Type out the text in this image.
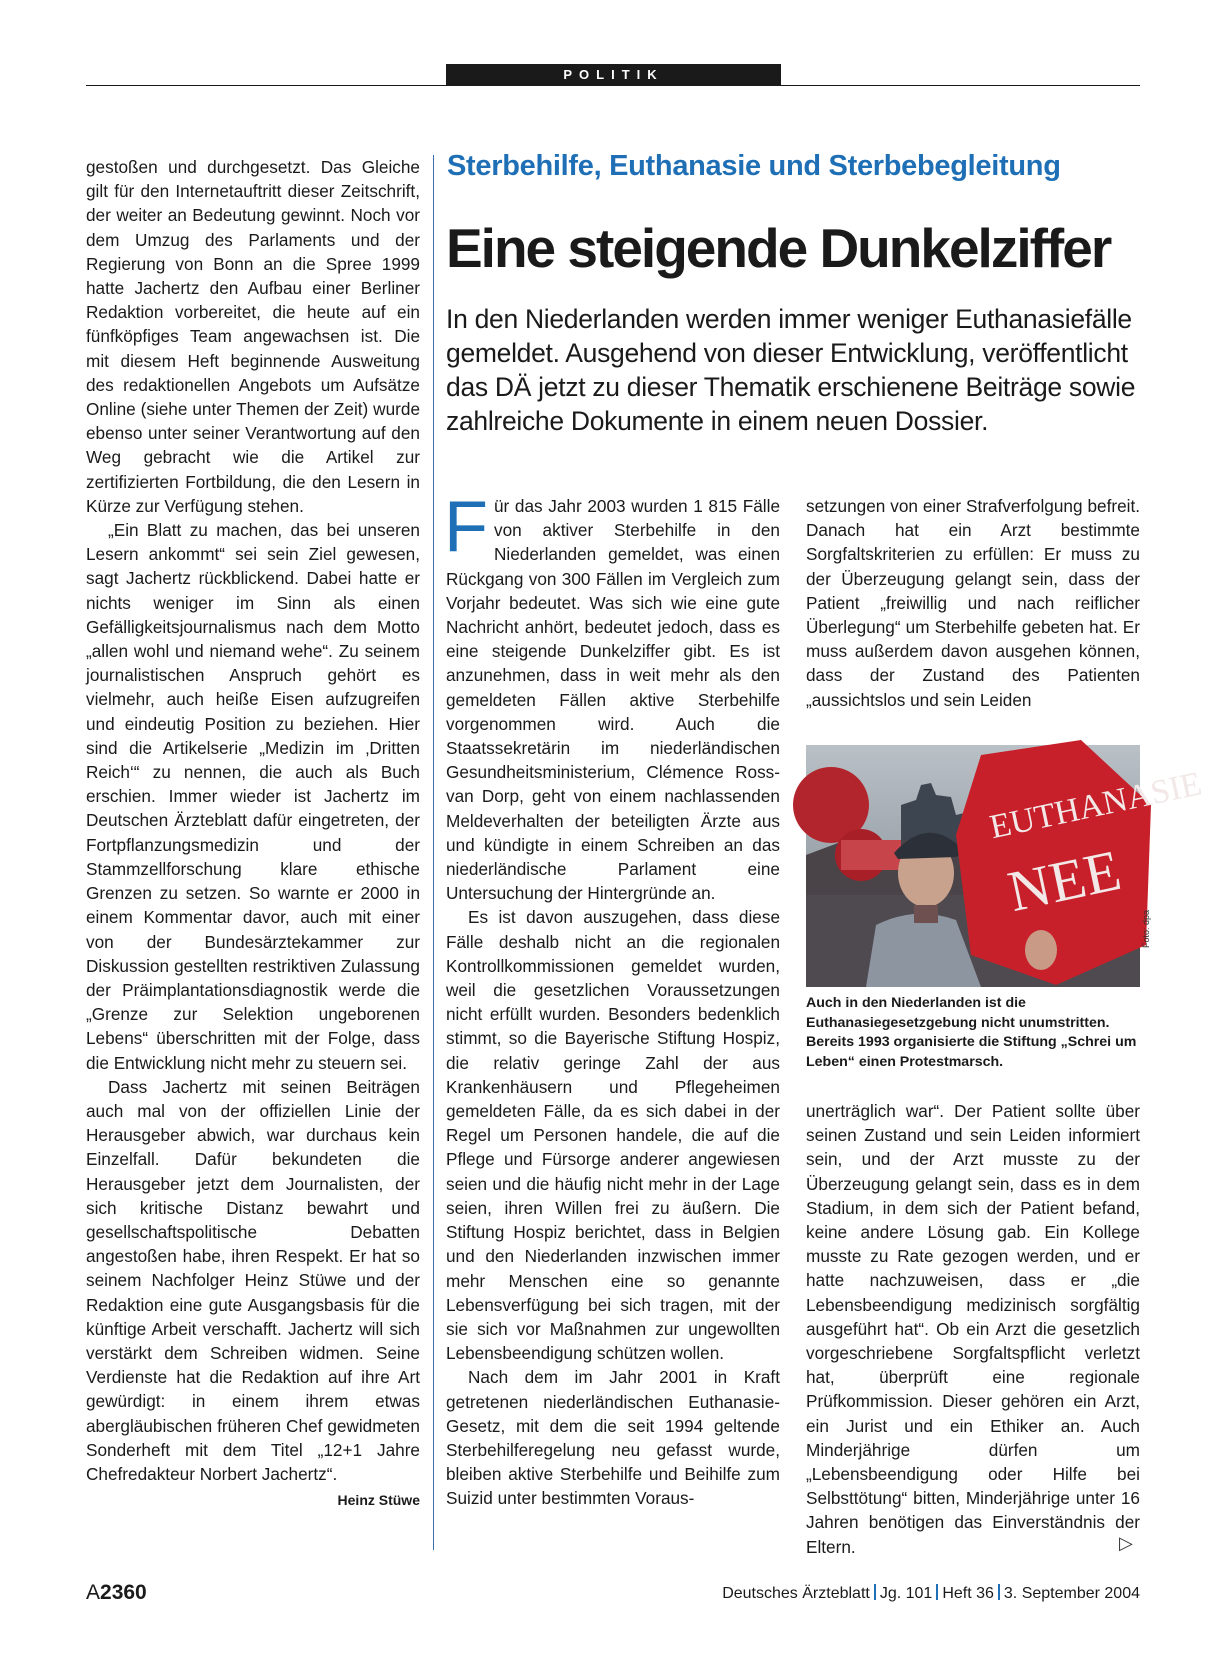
POLITIK

gestoßen und durchgesetzt. Das Gleiche gilt für den Internetauftritt dieser Zeitschrift, der weiter an Bedeutung gewinnt. Noch vor dem Umzug des Parlaments und der Regierung von Bonn an die Spree 1999 hatte Jachertz den Aufbau einer Berliner Redaktion vorbereitet, die heute auf ein fünfköpfiges Team angewachsen ist. Die mit diesem Heft beginnende Ausweitung des redaktionellen Angebots um Aufsätze Online (siehe unter Themen der Zeit) wurde ebenso unter seiner Verantwortung auf den Weg gebracht wie die Artikel zur zertifizierten Fortbildung, die den Lesern in Kürze zur Verfügung stehen.

„Ein Blatt zu machen, das bei unseren Lesern ankommt“ sei sein Ziel gewesen, sagt Jachertz rückblickend. Dabei hatte er nichts weniger im Sinn als einen Gefälligkeitsjournalismus nach dem Motto „allen wohl und niemand wehe“. Zu seinem journalistischen Anspruch gehört es vielmehr, auch heiße Eisen aufzugreifen und eindeutig Position zu beziehen. Hier sind die Artikelserie „Medizin im ‚Dritten Reich‘“ zu nennen, die auch als Buch erschien. Immer wieder ist Jachertz im Deutschen Ärzteblatt dafür eingetreten, der Fortpflanzungsmedizin und der Stammzellforschung klare ethische Grenzen zu setzen. So warnte er 2000 in einem Kommentar davor, auch mit einer von der Bundesärztekammer zur Diskussion gestellten restriktiven Zulassung der Präimplantationsdiagnostik werde die „Grenze zur Selektion ungeborenen Lebens“ überschritten mit der Folge, dass die Entwicklung nicht mehr zu steuern sei.

Dass Jachertz mit seinen Beiträgen auch mal von der offiziellen Linie der Herausgeber abwich, war durchaus kein Einzelfall. Dafür bekundeten die Herausgeber jetzt dem Journalisten, der sich kritische Distanz bewahrt und gesellschaftspolitische Debatten angestoßen habe, ihren Respekt. Er hat so seinem Nachfolger Heinz Stüwe und der Redaktion eine gute Ausgangsbasis für die künftige Arbeit verschafft. Jachertz will sich verstärkt dem Schreiben widmen. Seine Verdienste hat die Redaktion auf ihre Art gewürdigt: in einem ihrem etwas abergläubischen früheren Chef gewidmeten Sonderheft mit dem Titel „12+1 Jahre Chefredakteur Norbert Jachertz“.
Heinz Stüwe

Sterbehilfe, Euthanasie und Sterbebegleitung
Eine steigende Dunkelziffer
In den Niederlanden werden immer weniger Euthanasiefälle gemeldet. Ausgehend von dieser Entwicklung, veröffentlicht das DÄ jetzt zu dieser Thematik erschienene Beiträge sowie zahlreiche Dokumente in einem neuen Dossier.

Für das Jahr 2003 wurden 1 815 Fälle von aktiver Sterbehilfe in den Niederlanden gemeldet, was einen Rückgang von 300 Fällen im Vergleich zum Vorjahr bedeutet. Was sich wie eine gute Nachricht anhört, bedeutet jedoch, dass es eine steigende Dunkelziffer gibt. Es ist anzunehmen, dass in weit mehr als den gemeldeten Fällen aktive Sterbehilfe vorgenommen wird. Auch die Staatssekretärin im niederländischen Gesundheitsministerium, Clémence Ross-van Dorp, geht von einem nachlassenden Meldeverhalten der beteiligten Ärzte aus und kündigte in einem Schreiben an das niederländische Parlament eine Untersuchung der Hintergründe an.

Es ist davon auszugehen, dass diese Fälle deshalb nicht an die regionalen Kontrollkommissionen gemeldet wurden, weil die gesetzlichen Voraussetzungen nicht erfüllt wurden. Besonders bedenklich stimmt, so die Bayerische Stiftung Hospiz, die relativ geringe Zahl der aus Krankenhäusern und Pflegeheimen gemeldeten Fälle, da es sich dabei in der Regel um Personen handele, die auf die Pflege und Fürsorge anderer angewiesen seien und die häufig nicht mehr in der Lage seien, ihren Willen frei zu äußern. Die Stiftung Hospiz berichtet, dass in Belgien und den Niederlanden inzwischen immer mehr Menschen eine so genannte Lebensverfügung bei sich tragen, mit der sie sich vor Maßnahmen zur ungewollten Lebensbeendigung schützen wollen.

Nach dem im Jahr 2001 in Kraft getretenen niederländischen Euthanasie-Gesetz, mit dem die seit 1994 geltende Sterbehilferegelung neu gefasst wurde, bleiben aktive Sterbehilfe und Beihilfe zum Suizid unter bestimmten Voraus-

setzungen von einer Strafverfolgung befreit. Danach hat ein Arzt bestimmte Sorgfaltskriterien zu erfüllen: Er muss zu der Überzeugung gelangt sein, dass der Patient „freiwillig und nach reiflicher Überlegung“ um Sterbehilfe gebeten hat. Er muss außerdem davon ausgehen können, dass der Zustand des Patienten „aussichtslos und sein Leiden

EUTHANASIE
NEE
Foto: dpa
Auch in den Niederlanden ist die Euthanasiegesetzgebung nicht unumstritten. Bereits 1993 organisierte die Stiftung „Schrei um Leben“ einen Protestmarsch.

unerträglich war“. Der Patient sollte über seinen Zustand und sein Leiden informiert sein, und der Arzt musste zu der Überzeugung gelangt sein, dass es in dem Stadium, in dem sich der Patient befand, keine andere Lösung gab. Ein Kollege musste zu Rate gezogen werden, und er hatte nachzuweisen, dass er „die Lebensbeendigung medizinisch sorgfältig ausgeführt hat“. Ob ein Arzt die gesetzlich vorgeschriebene Sorgfaltspflicht verletzt hat, überprüft eine regionale Prüfkommission. Dieser gehören ein Arzt, ein Jurist und ein Ethiker an. Auch Minderjährige dürfen um „Lebensbeendigung oder Hilfe bei Selbsttötung“ bitten, Minderjährige unter 16 Jahren benötigen das Einverständnis der Eltern.	▷
A2360	Deutsches Ärzteblatt Jg. 101 Heft 36 3. September 2004
